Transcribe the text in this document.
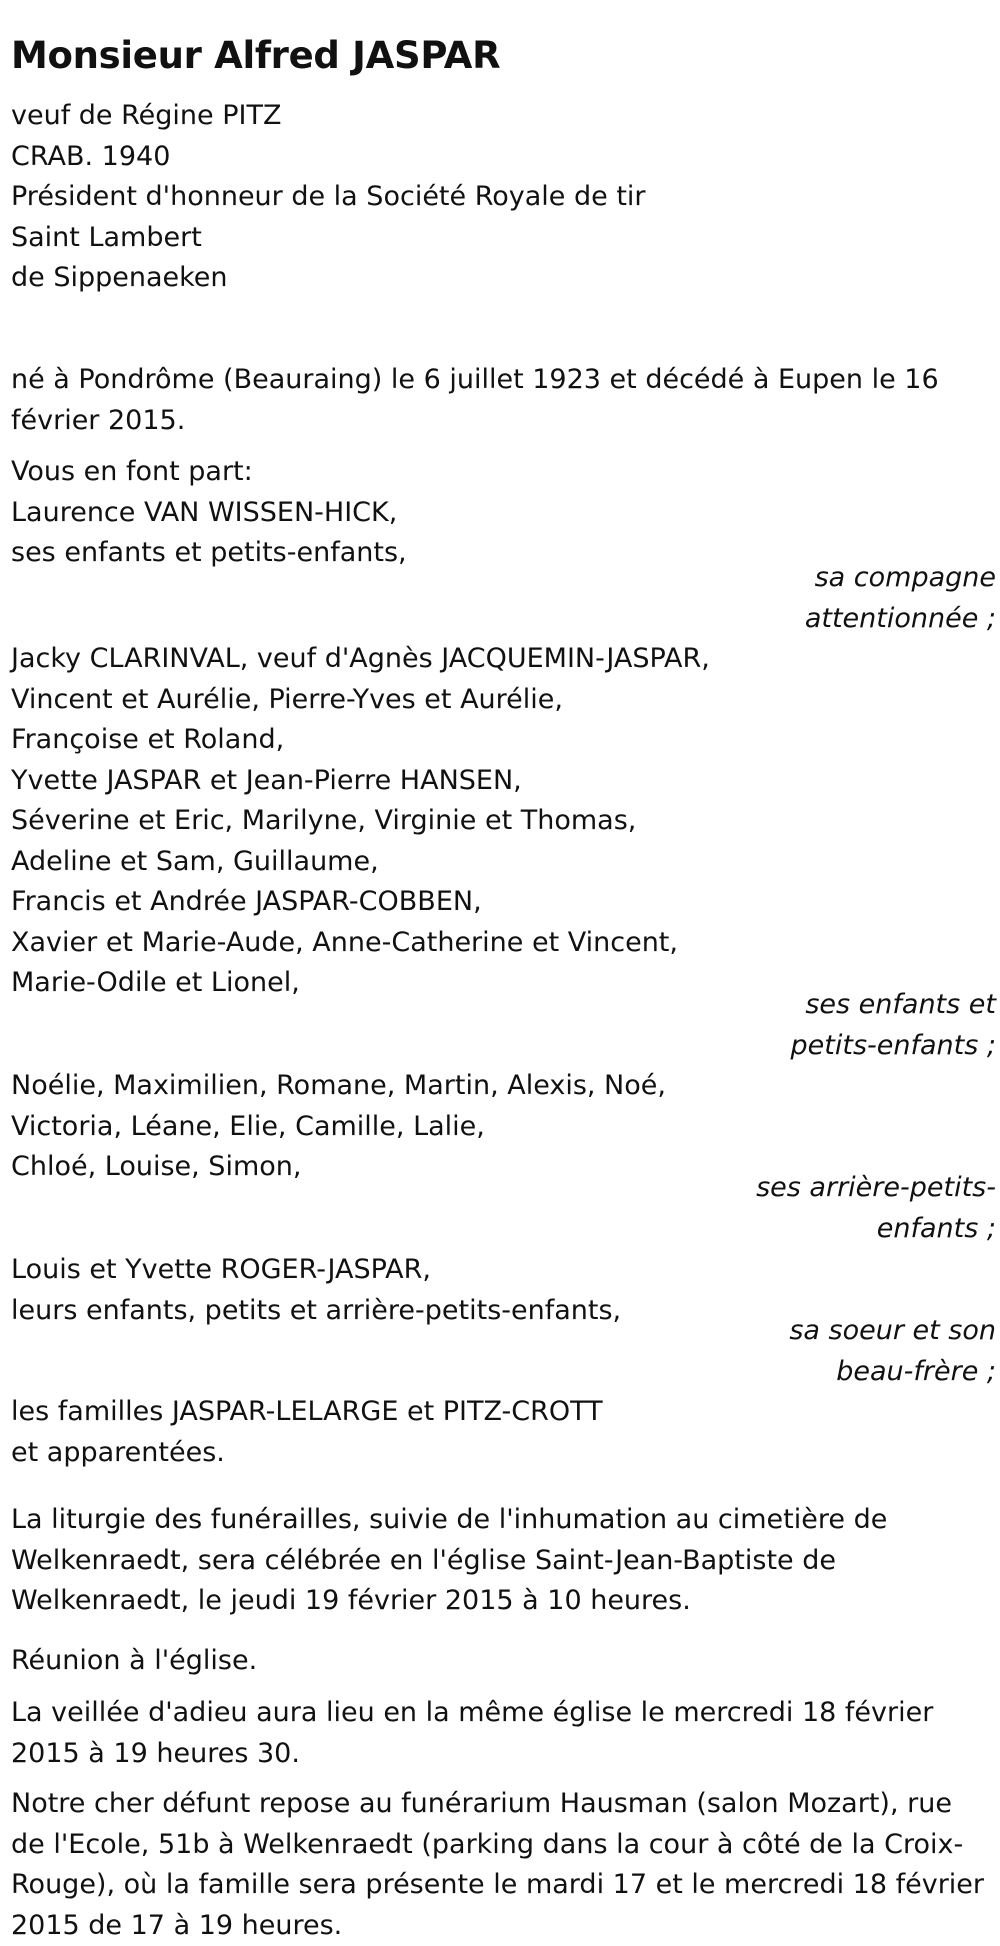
Monsieur Alfred JASPAR
veuf de Régine PITZ
CRAB. 1940
Président d'honneur de la Société Royale de tir
Saint Lambert
de Sippenaeken
né à Pondrôme (Beauraing) le 6 juillet 1923 et décédé à Eupen le 16 février 2015.
Vous en font part:
Laurence VAN WISSEN-HICK,
ses enfants et petits-enfants,
sa compagne
attentionnée ;
Jacky CLARINVAL, veuf d'Agnès JACQUEMIN-JASPAR,
Vincent et Aurélie, Pierre-Yves et Aurélie,
Françoise et Roland,
Yvette JASPAR et Jean-Pierre HANSEN,
Séverine et Eric, Marilyne, Virginie et Thomas,
Adeline et Sam, Guillaume,
Francis et Andrée JASPAR-COBBEN,
Xavier et Marie-Aude, Anne-Catherine et Vincent,
Marie-Odile et Lionel,
ses enfants et
petits-enfants ;
Noélie, Maximilien, Romane, Martin, Alexis, Noé,
Victoria, Léane, Elie, Camille, Lalie,
Chloé, Louise, Simon,
ses arrière-petits-
enfants ;
Louis et Yvette ROGER-JASPAR,
leurs enfants, petits et arrière-petits-enfants,
sa soeur et son
beau-frère ;
les familles JASPAR-LELARGE et PITZ-CROTT
et apparentées.
La liturgie des funérailles, suivie de l'inhumation au cimetière de Welkenraedt, sera célébrée en l'église Saint-Jean-Baptiste de Welkenraedt, le jeudi 19 février 2015 à 10 heures.
Réunion à l'église.
La veillée d'adieu aura lieu en la même église le mercredi 18 février 2015 à 19 heures 30.
Notre cher défunt repose au funérarium Hausman (salon Mozart), rue de l'Ecole, 51b à Welkenraedt (parking dans la cour à côté de la Croix-Rouge), où la famille sera présente le mardi 17 et le mercredi 18 février 2015 de 17 à 19 heures.
